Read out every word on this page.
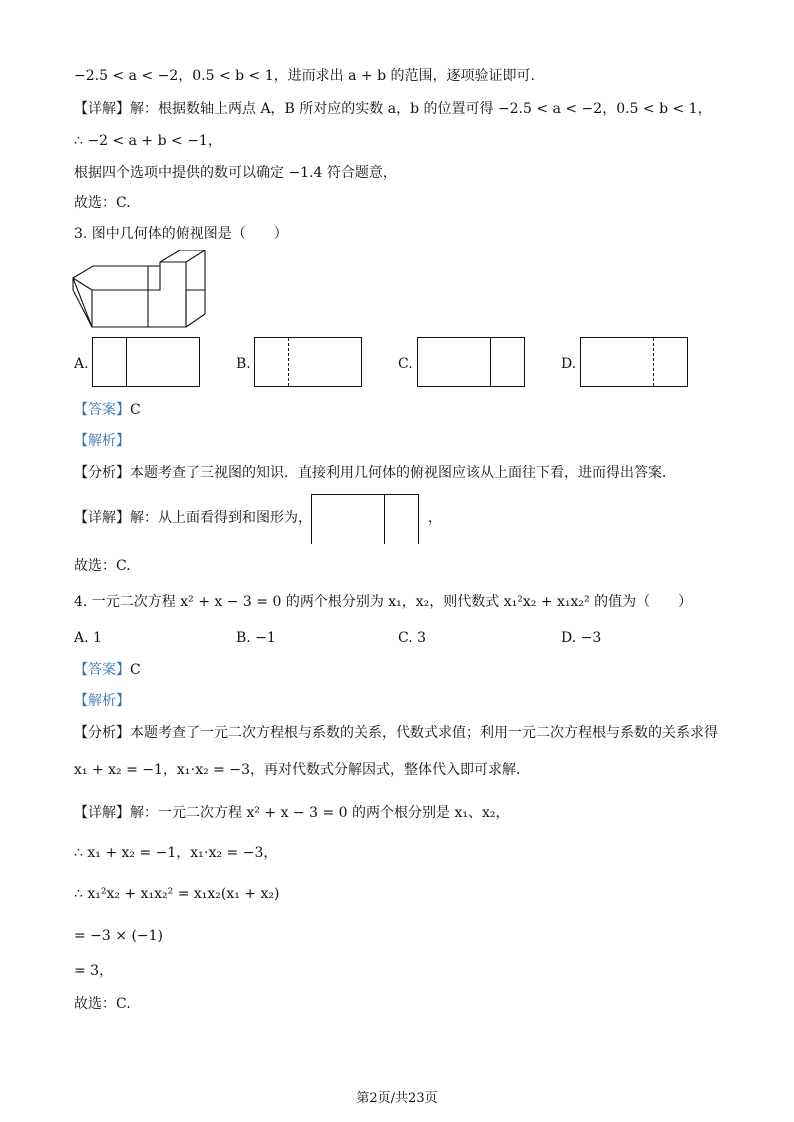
−2.5 < a < −2，0.5 < b < 1，进而求出 a + b 的范围，逐项验证即可.
【详解】解：根据数轴上两点 A，B 所对应的实数 a，b 的位置可得 −2.5 < a < −2，0.5 < b < 1，
∴ −2 < a + b < −1，
根据四个选项中提供的数可以确定 −1.4 符合题意，
故选：C.
3. 图中几何体的俯视图是（　　）
A.	B.	C.	D.
【答案】C
【解析】
【分析】本题考查了三视图的知识．直接利用几何体的俯视图应该从上面往下看，进而得出答案．
【详解】解：从上面看得到和图形为，	，
故选：C.
4. 一元二次方程 x² + x − 3 = 0 的两个根分别为 x₁，x₂，则代数式 x₁²x₂ + x₁x₂² 的值为（　　）
A. 1	B. −1	C. 3	D. −3
【答案】C
【解析】
【分析】本题考查了一元二次方程根与系数的关系，代数式求值；利用一元二次方程根与系数的关系求得
x₁ + x₂ = −1，x₁⋅x₂ = −3，再对代数式分解因式，整体代入即可求解.
【详解】解：一元二次方程 x² + x − 3 = 0 的两个根分别是 x₁、x₂，
∴ x₁ + x₂ = −1，x₁⋅x₂ = −3，
∴ x₁²x₂ + x₁x₂² = x₁x₂(x₁ + x₂)
= −3 × (−1)
= 3，
故选：C.
第2页/共23页
